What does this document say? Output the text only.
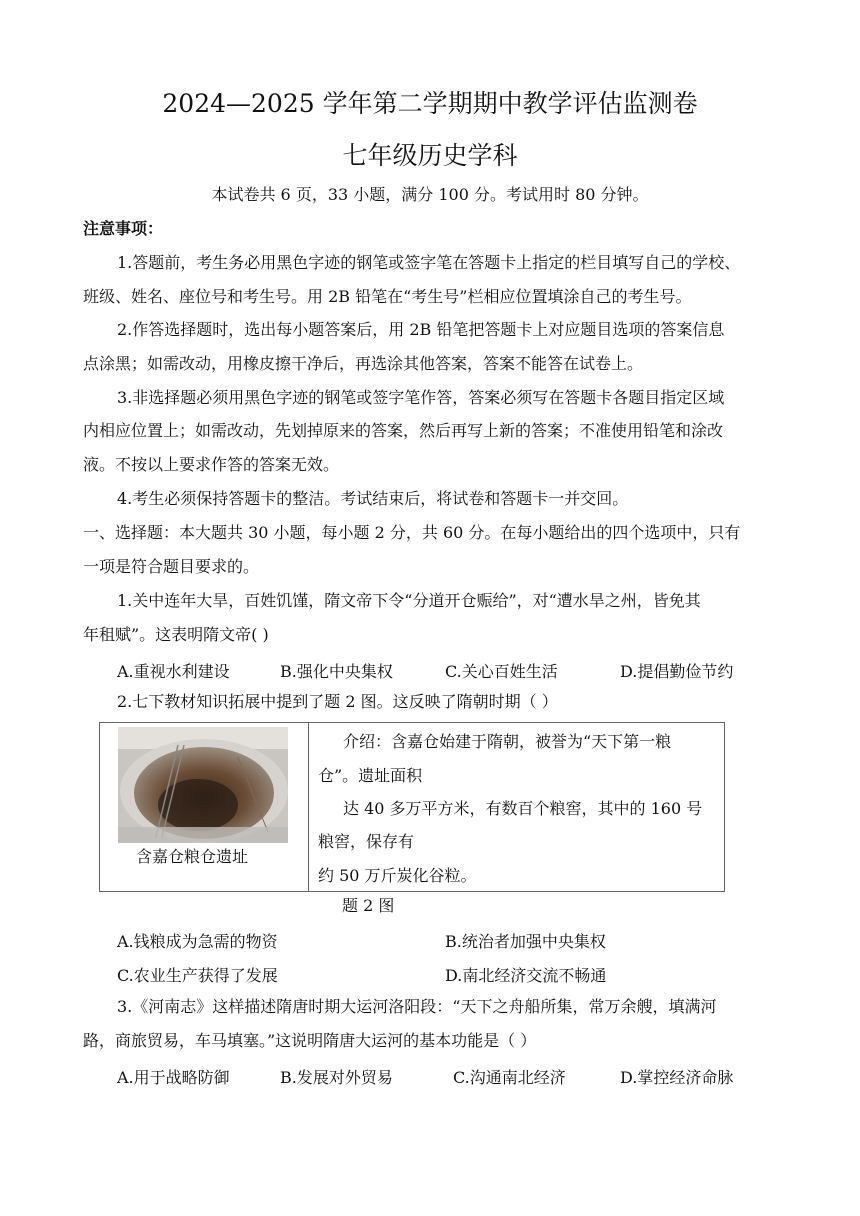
2024—2025 学年第二学期期中教学评估监测卷
七年级历史学科
本试卷共 6 页，33 小题，满分 100 分。考试用时 80 分钟。
注意事项：
1.答题前，考生务必用黑色字迹的钢笔或签字笔在答题卡上指定的栏目填写自己的学校、
班级、姓名、座位号和考生号。用 2B 铅笔在“考生号”栏相应位置填涂自己的考生号。
2.作答选择题时，选出每小题答案后，用 2B 铅笔把答题卡上对应题目选项的答案信息
点涂黑；如需改动，用橡皮擦干净后，再选涂其他答案，答案不能答在试卷上。
3.非选择题必须用黑色字迹的钢笔或签字笔作答，答案必须写在答题卡各题目指定区域
内相应位置上；如需改动，先划掉原来的答案，然后再写上新的答案；不准使用铅笔和涂改
液。不按以上要求作答的答案无效。
4.考生必须保持答题卡的整洁。考试结束后，将试卷和答题卡一并交回。
一、选择题：本大题共 30 小题，每小题 2 分，共 60 分。在每小题给出的四个选项中，只有
一项是符合题目要求的。
1.关中连年大旱，百姓饥馑，隋文帝下令“分道开仓赈给”，对“遭水旱之州，皆免其
年租赋”。这表明隋文帝( )
A.重视水利建设	B.强化中央集权	C.关心百姓生活	D.提倡勤俭节约
2.七下教材知识拓展中提到了题 2 图。这反映了隋朝时期（ ）
含嘉仓粮仓遗址
介绍：含嘉仓始建于隋朝，被誉为“天下第一粮
仓”。遗址面积
达 40 多万平方米，有数百个粮窖，其中的 160 号
粮窖，保存有
约 50 万斤炭化谷粒。
题 2 图
A.钱粮成为急需的物资	B.统治者加强中央集权
C.农业生产获得了发展	D.南北经济交流不畅通
3.《河南志》这样描述隋唐时期大运河洛阳段：“天下之舟船所集，常万余艘，填满河
路，商旅贸易，车马填塞。”这说明隋唐大运河的基本功能是（ ）
A.用于战略防御	B.发展对外贸易	C.沟通南北经济	D.掌控经济命脉
